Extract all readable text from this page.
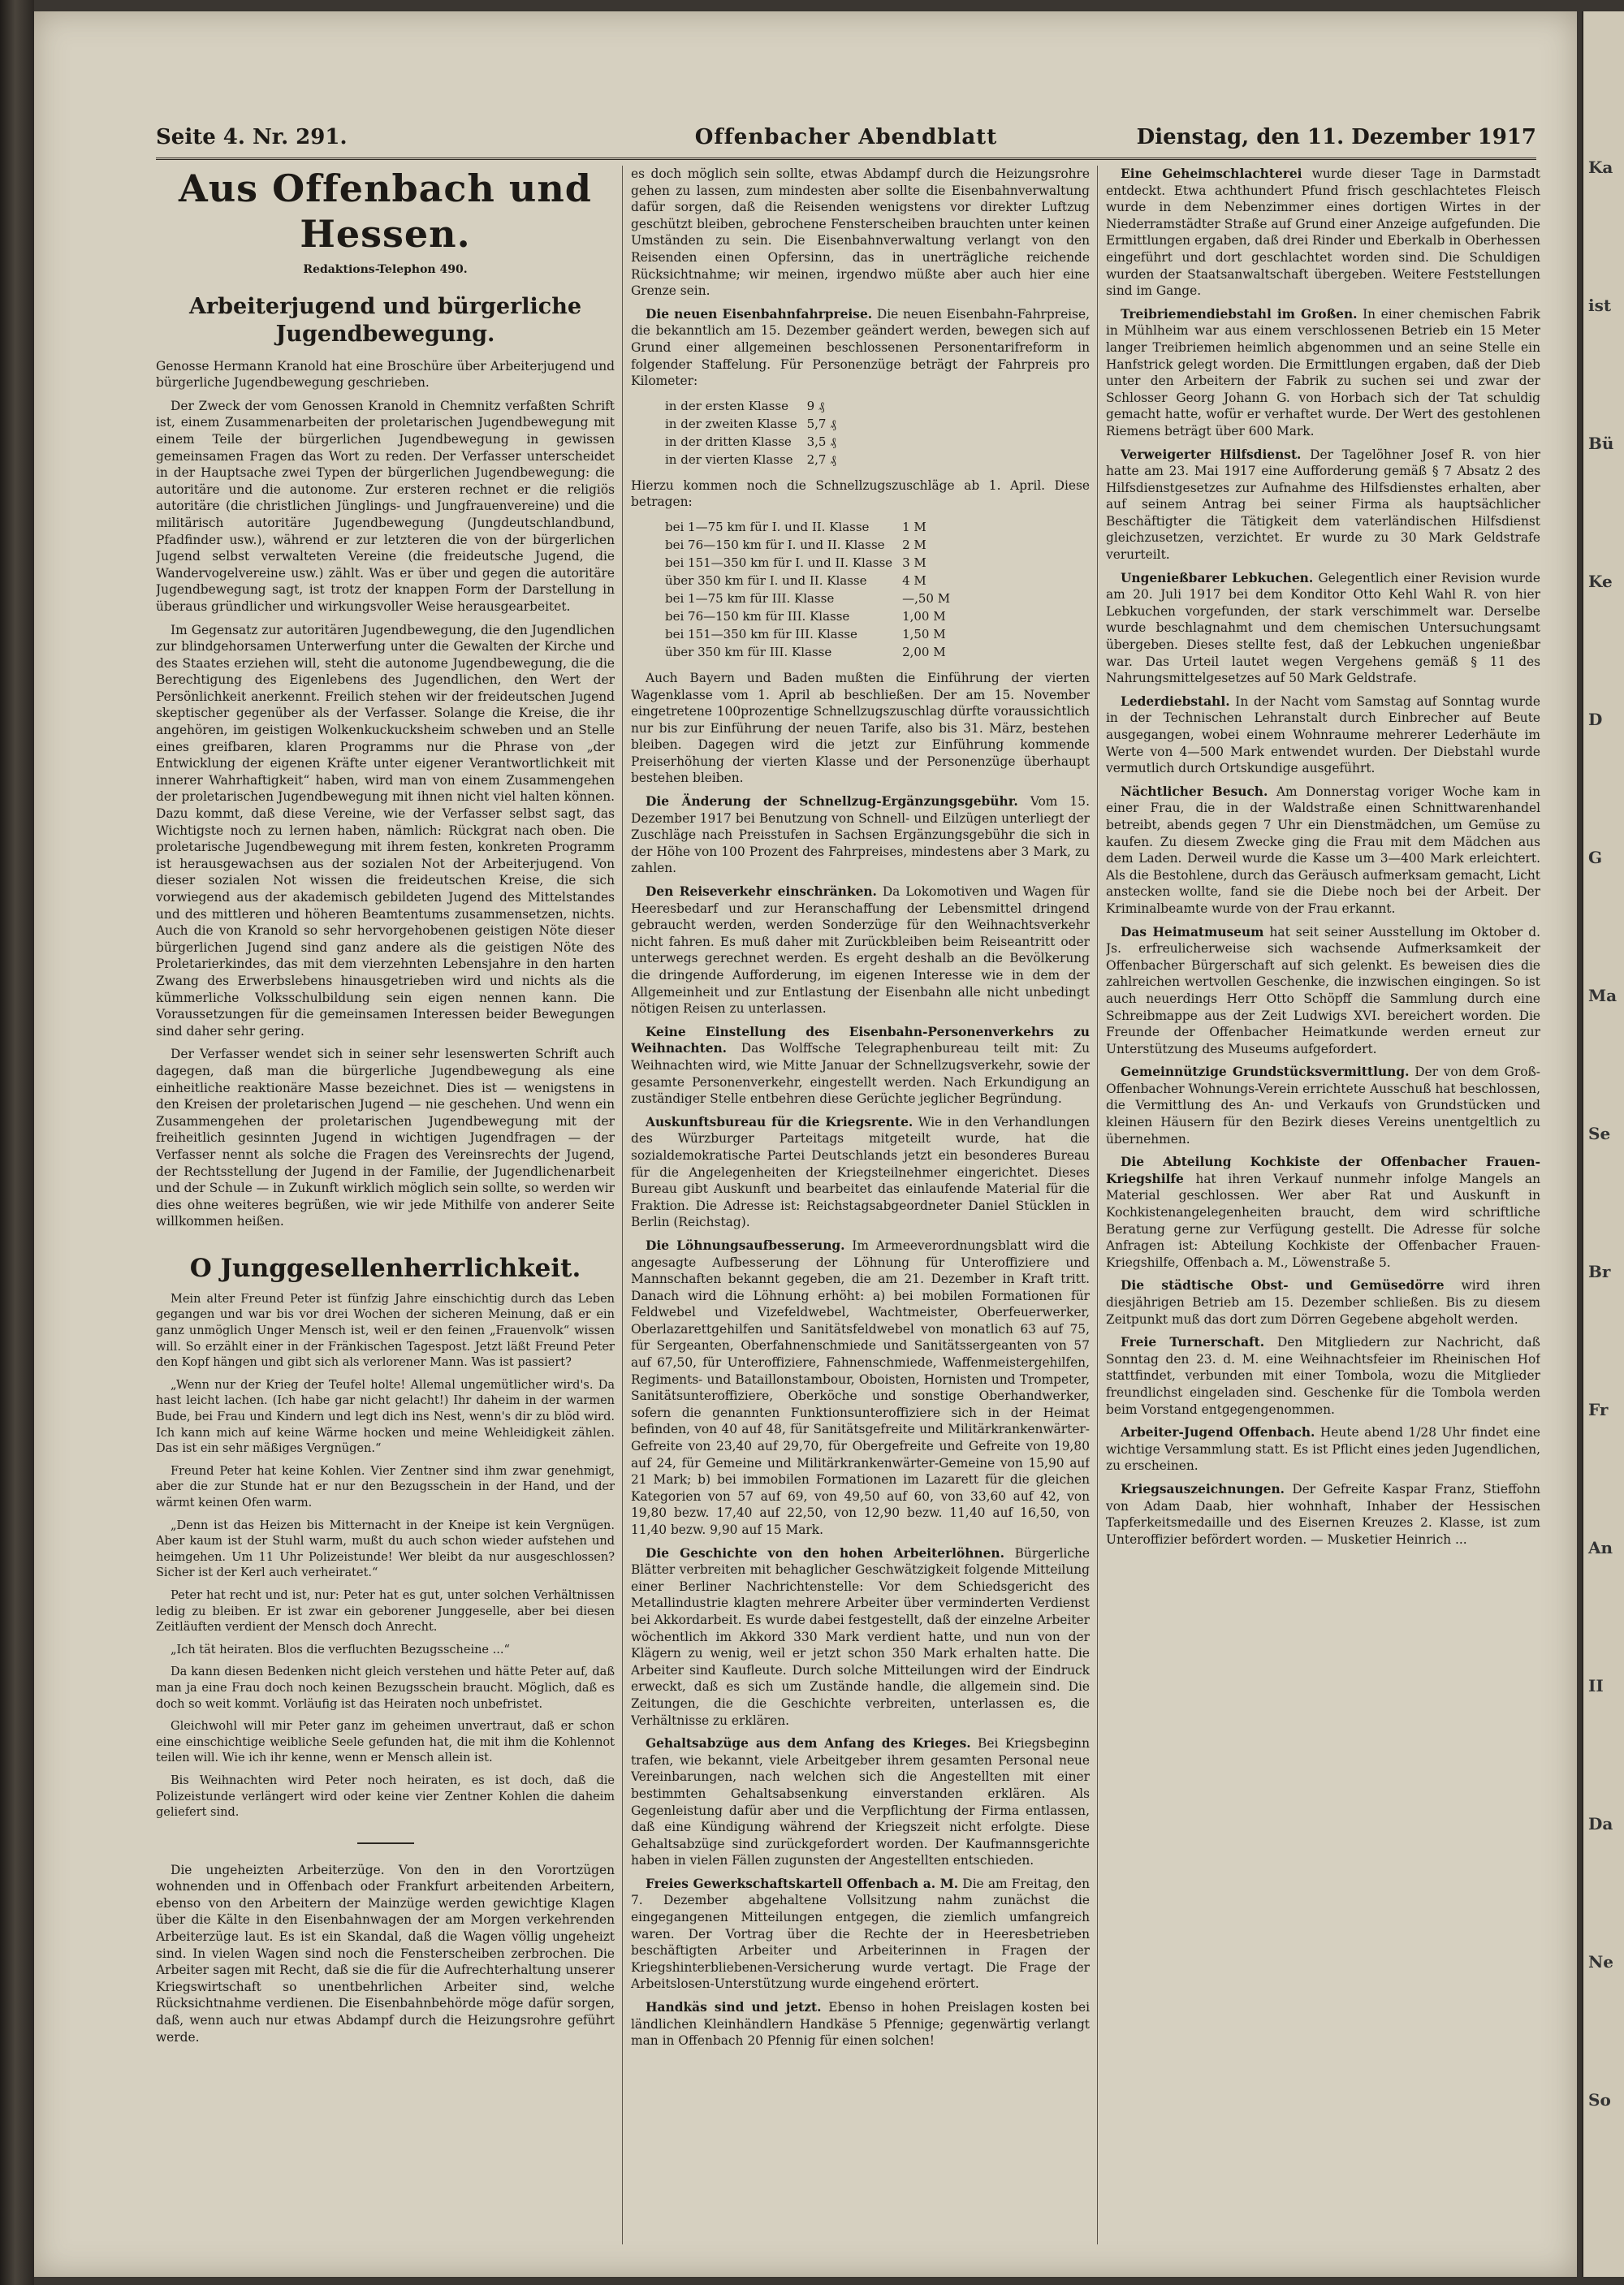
Seite 4. Nr. 291.	Offenbacher Abendblatt	Dienstag, den 11. Dezember 1917
Aus Offenbach und Hessen.
Redaktions-Telephon 490.
Arbeiterjugend und bürgerliche Jugendbewegung.

Genosse Hermann Kranold hat eine Broschüre über Arbeiterjugend und bürgerliche Jugendbewegung geschrieben.

Der Zweck der vom Genossen Kranold in Chemnitz verfaßten Schrift ist, einem Zusammenarbeiten der proletarischen Jugendbewegung mit einem Teile der bürgerlichen Jugendbewegung in gewissen gemeinsamen Fragen das Wort zu reden. Der Verfasser unterscheidet in der Hauptsache zwei Typen der bürgerlichen Jugendbewegung: die autoritäre und die autonome. Zur ersteren rechnet er die religiös autoritäre (die christlichen Jünglings- und Jungfrauenvereine) und die militärisch autoritäre Jugendbewegung (Jungdeutschlandbund, Pfadfinder usw.), während er zur letzteren die von der bürgerlichen Jugend selbst verwalteten Vereine (die freideutsche Jugend, die Wandervogelvereine usw.) zählt. Was er über und gegen die autoritäre Jugendbewegung sagt, ist trotz der knappen Form der Darstellung in überaus gründlicher und wirkungsvoller Weise herausgearbeitet.

Im Gegensatz zur autoritären Jugendbewegung, die den Jugendlichen zur blindgehorsamen Unterwerfung unter die Gewalten der Kirche und des Staates erziehen will, steht die autonome Jugendbewegung, die die Berechtigung des Eigenlebens des Jugendlichen, den Wert der Persönlichkeit anerkennt. Freilich stehen wir der freideutschen Jugend skeptischer gegenüber als der Verfasser. Solange die Kreise, die ihr angehören, im geistigen Wolkenkuckucksheim schweben und an Stelle eines greifbaren, klaren Programms nur die Phrase von „der Entwicklung der eigenen Kräfte unter eigener Verantwortlichkeit mit innerer Wahrhaftigkeit“ haben, wird man von einem Zusammengehen der proletarischen Jugendbewegung mit ihnen nicht viel halten können. Dazu kommt, daß diese Vereine, wie der Verfasser selbst sagt, das Wichtigste noch zu lernen haben, nämlich: Rückgrat nach oben. Die proletarische Jugendbewegung mit ihrem festen, konkreten Programm ist herausgewachsen aus der sozialen Not der Arbeiterjugend. Von dieser sozialen Not wissen die freideutschen Kreise, die sich vorwiegend aus der akademisch gebildeten Jugend des Mittelstandes und des mittleren und höheren Beamtentums zusammensetzen, nichts. Auch die von Kranold so sehr hervorgehobenen geistigen Nöte dieser bürgerlichen Jugend sind ganz andere als die geistigen Nöte des Proletarierkindes, das mit dem vierzehnten Lebensjahre in den harten Zwang des Erwerbslebens hinausgetrieben wird und nichts als die kümmerliche Volksschulbildung sein eigen nennen kann. Die Voraussetzungen für die gemeinsamen Interessen beider Bewegungen sind daher sehr gering.

Der Verfasser wendet sich in seiner sehr lesenswerten Schrift auch dagegen, daß man die bürgerliche Jugendbewegung als eine einheitliche reaktionäre Masse bezeichnet. Dies ist — wenigstens in den Kreisen der proletarischen Jugend — nie geschehen. Und wenn ein Zusammengehen der proletarischen Jugendbewegung mit der freiheitlich gesinnten Jugend in wichtigen Jugendfragen — der Verfasser nennt als solche die Fragen des Vereinsrechts der Jugend, der Rechtsstellung der Jugend in der Familie, der Jugendlichenarbeit und der Schule — in Zukunft wirklich möglich sein sollte, so werden wir dies ohne weiteres begrüßen, wie wir jede Mithilfe von anderer Seite willkommen heißen.

O Junggesellenherrlichkeit.

Mein alter Freund Peter ist fünfzig Jahre einschichtig durch das Leben gegangen und war bis vor drei Wochen der sicheren Meinung, daß er ein ganz unmöglich Unger Mensch ist, weil er den feinen „Frauenvolk“ wissen will. So erzählt einer in der Fränkischen Tagespost. Jetzt läßt Freund Peter den Kopf hängen und gibt sich als verlorener Mann. Was ist passiert?

„Wenn nur der Krieg der Teufel holte! Allemal ungemütlicher wird's. Da hast leicht lachen. (Ich habe gar nicht gelacht!) Ihr daheim in der warmen Bude, bei Frau und Kindern und legt dich ins Nest, wenn's dir zu blöd wird. Ich kann mich auf keine Wärme hocken und meine Wehleidigkeit zählen. Das ist ein sehr mäßiges Vergnügen.“

Freund Peter hat keine Kohlen. Vier Zentner sind ihm zwar genehmigt, aber die zur Stunde hat er nur den Bezugsschein in der Hand, und der wärmt keinen Ofen warm.

„Denn ist das Heizen bis Mitternacht in der Kneipe ist kein Vergnügen. Aber kaum ist der Stuhl warm, mußt du auch schon wieder aufstehen und heimgehen. Um 11 Uhr Polizeistunde! Wer bleibt da nur ausgeschlossen? Sicher ist der Kerl auch verheiratet.“

Peter hat recht und ist, nur: Peter hat es gut, unter solchen Verhältnissen ledig zu bleiben. Er ist zwar ein geborener Junggeselle, aber bei diesen Zeitläuften verdient der Mensch doch Anrecht.

„Ich tät heiraten. Blos die verfluchten Bezugsscheine ...“

Da kann diesen Bedenken nicht gleich verstehen und hätte Peter auf, daß man ja eine Frau doch noch keinen Bezugsschein braucht. Möglich, daß es doch so weit kommt. Vorläufig ist das Heiraten noch unbefristet.

Gleichwohl will mir Peter ganz im geheimen unvertraut, daß er schon eine einschichtige weibliche Seele gefunden hat, die mit ihm die Kohlennot teilen will. Wie ich ihr kenne, wenn er Mensch allein ist.

Bis Weihnachten wird Peter noch heiraten, es ist doch, daß die Polizeistunde verlängert wird oder keine vier Zentner Kohlen die daheim geliefert sind.

Die ungeheizten Arbeiterzüge. Von den in den Vorortzügen wohnenden und in Offenbach oder Frankfurt arbeitenden Arbeitern, ebenso von den Arbeitern der Mainzüge werden gewichtige Klagen über die Kälte in den Eisenbahnwagen der am Morgen verkehrenden Arbeiterzüge laut. Es ist ein Skandal, daß die Wagen völlig ungeheizt sind. In vielen Wagen sind noch die Fensterscheiben zerbrochen. Die Arbeiter sagen mit Recht, daß sie die für die Aufrechterhaltung unserer Kriegswirtschaft so unentbehrlichen Arbeiter sind, welche Rücksichtnahme verdienen. Die Eisenbahnbehörde möge dafür sorgen, daß, wenn auch nur etwas Abdampf durch die Heizungsrohre geführt werde.

es doch möglich sein sollte, etwas Abdampf durch die Heizungsrohre gehen zu lassen, zum mindesten aber sollte die Eisenbahnverwaltung dafür sorgen, daß die Reisenden wenigstens vor direkter Luftzug geschützt bleiben, gebrochene Fensterscheiben brauchten unter keinen Umständen zu sein. Die Eisenbahnverwaltung verlangt von den Reisenden einen Opfersinn, das in unerträgliche reichende Rücksichtnahme; wir meinen, irgendwo müßte aber auch hier eine Grenze sein.

Die neuen Eisenbahnfahrpreise. Die neuen Eisenbahn-Fahrpreise, die bekanntlich am 15. Dezember geändert werden, bewegen sich auf Grund einer allgemeinen beschlossenen Personentarifreform in folgender Staffelung. Für Personenzüge beträgt der Fahrpreis pro Kilometer:

in der ersten Klasse	9 ₰
in der zweiten Klasse	5,7 ₰
in der dritten Klasse	3,5 ₰
in der vierten Klasse	2,7 ₰

Hierzu kommen noch die Schnellzugszuschläge ab 1. April. Diese betragen:

bei 1—75 km für I. und II. Klasse	1 M
bei 76—150 km für I. und II. Klasse	2 M
bei 151—350 km für I. und II. Klasse	3 M
über 350 km für I. und II. Klasse	4 M
bei 1—75 km für III. Klasse	—,50 M
bei 76—150 km für III. Klasse	1,00 M
bei 151—350 km für III. Klasse	1,50 M
über 350 km für III. Klasse	2,00 M

Auch Bayern und Baden mußten die Einführung der vierten Wagenklasse vom 1. April ab beschließen. Der am 15. November eingetretene 100prozentige Schnellzugszuschlag dürfte voraussichtlich nur bis zur Einführung der neuen Tarife, also bis 31. März, bestehen bleiben. Dagegen wird die jetzt zur Einführung kommende Preiserhöhung der vierten Klasse und der Personenzüge überhaupt bestehen bleiben.

Die Änderung der Schnellzug-Ergänzungsgebühr. Vom 15. Dezember 1917 bei Benutzung von Schnell- und Eilzügen unterliegt der Zuschläge nach Preisstufen in Sachsen Ergänzungsgebühr die sich in der Höhe von 100 Prozent des Fahrpreises, mindestens aber 3 Mark, zu zahlen.

Den Reiseverkehr einschränken. Da Lokomotiven und Wagen für Heeresbedarf und zur Heranschaffung der Lebensmittel dringend gebraucht werden, werden Sonderzüge für den Weihnachtsverkehr nicht fahren. Es muß daher mit Zurückbleiben beim Reiseantritt oder unterwegs gerechnet werden. Es ergeht deshalb an die Bevölkerung die dringende Aufforderung, im eigenen Interesse wie in dem der Allgemeinheit und zur Entlastung der Eisenbahn alle nicht unbedingt nötigen Reisen zu unterlassen.

Keine Einstellung des Eisenbahn-Personenverkehrs zu Weihnachten. Das Wolffsche Telegraphenbureau teilt mit: Zu Weihnachten wird, wie Mitte Januar der Schnellzugsverkehr, sowie der gesamte Personenverkehr, eingestellt werden. Nach Erkundigung an zuständiger Stelle entbehren diese Gerüchte jeglicher Begründung.

Auskunftsbureau für die Kriegsrente. Wie in den Verhandlungen des Würzburger Parteitags mitgeteilt wurde, hat die sozialdemokratische Partei Deutschlands jetzt ein besonderes Bureau für die Angelegenheiten der Kriegsteilnehmer eingerichtet. Dieses Bureau gibt Auskunft und bearbeitet das einlaufende Material für die Fraktion. Die Adresse ist: Reichstagsabgeordneter Daniel Stücklen in Berlin (Reichstag).

Die Löhnungsaufbesserung. Im Armeeverordnungsblatt wird die angesagte Aufbesserung der Löhnung für Unteroffiziere und Mannschaften bekannt gegeben, die am 21. Dezember in Kraft tritt. Danach wird die Löhnung erhöht: a) bei mobilen Formationen für Feldwebel und Vizefeldwebel, Wachtmeister, Oberfeuerwerker, Oberlazarettgehilfen und Sanitätsfeldwebel von monatlich 63 auf 75, für Sergeanten, Oberfahnenschmiede und Sanitätssergeanten von 57 auf 67,50, für Unteroffiziere, Fahnenschmiede, Waffenmeistergehilfen, Regiments- und Bataillonstambour, Oboisten, Hornisten und Trompeter, Sanitätsunteroffiziere, Oberköche und sonstige Oberhandwerker, sofern die genannten Funktionsunteroffiziere sich in der Heimat befinden, von 40 auf 48, für Sanitätsgefreite und Militärkrankenwärter-Gefreite von 23,40 auf 29,70, für Obergefreite und Gefreite von 19,80 auf 24, für Gemeine und Militärkrankenwärter-Gemeine von 15,90 auf 21 Mark; b) bei immobilen Formationen im Lazarett für die gleichen Kategorien von 57 auf 69, von 49,50 auf 60, von 33,60 auf 42, von 19,80 bezw. 17,40 auf 22,50, von 12,90 bezw. 11,40 auf 16,50, von 11,40 bezw. 9,90 auf 15 Mark.

Die Geschichte von den hohen Arbeiterlöhnen. Bürgerliche Blätter verbreiten mit behaglicher Geschwätzigkeit folgende Mitteilung einer Berliner Nachrichtenstelle: Vor dem Schiedsgericht des Metallindustrie klagten mehrere Arbeiter über verminderten Verdienst bei Akkordarbeit. Es wurde dabei festgestellt, daß der einzelne Arbeiter wöchentlich im Akkord 330 Mark verdient hatte, und nun von der Klägern zu wenig, weil er jetzt schon 350 Mark erhalten hatte. Die Arbeiter sind Kaufleute. Durch solche Mitteilungen wird der Eindruck erweckt, daß es sich um Zustände handle, die allgemein sind. Die Zeitungen, die die Geschichte verbreiten, unterlassen es, die Verhältnisse zu erklären.

Gehaltsabzüge aus dem Anfang des Krieges. Bei Kriegsbeginn trafen, wie bekannt, viele Arbeitgeber ihrem gesamten Personal neue Vereinbarungen, nach welchen sich die Angestellten mit einer bestimmten Gehaltsabsenkung einverstanden erklären. Als Gegenleistung dafür aber und die Verpflichtung der Firma entlassen, daß eine Kündigung während der Kriegszeit nicht erfolgte. Diese Gehaltsabzüge sind zurückgefordert worden. Der Kaufmannsgerichte haben in vielen Fällen zugunsten der Angestellten entschieden.

Freies Gewerkschaftskartell Offenbach a. M. Die am Freitag, den 7. Dezember abgehaltene Vollsitzung nahm zunächst die eingegangenen Mitteilungen entgegen, die ziemlich umfangreich waren. Der Vortrag über die Rechte der in Heeresbetrieben beschäftigten Arbeiter und Arbeiterinnen in Fragen der Kriegshinterbliebenen-Versicherung wurde vertagt. Die Frage der Arbeitslosen-Unterstützung wurde eingehend erörtert.

Handkäs sind und jetzt. Ebenso in hohen Preislagen kosten bei ländlichen Kleinhändlern Handkäse 5 Pfennige; gegenwärtig verlangt man in Offenbach 20 Pfennig für einen solchen!

Eine Geheimschlachterei wurde dieser Tage in Darmstadt entdeckt. Etwa achthundert Pfund frisch geschlachtetes Fleisch wurde in dem Nebenzimmer eines dortigen Wirtes in der Niederramstädter Straße auf Grund einer Anzeige aufgefunden. Die Ermittlungen ergaben, daß drei Rinder und Eberkalb in Oberhessen eingeführt und dort geschlachtet worden sind. Die Schuldigen wurden der Staatsanwaltschaft übergeben. Weitere Feststellungen sind im Gange.

Treibriemendiebstahl im Großen. In einer chemischen Fabrik in Mühlheim war aus einem verschlossenen Betrieb ein 15 Meter langer Treibriemen heimlich abgenommen und an seine Stelle ein Hanfstrick gelegt worden. Die Ermittlungen ergaben, daß der Dieb unter den Arbeitern der Fabrik zu suchen sei und zwar der Schlosser Georg Johann G. von Horbach sich der Tat schuldig gemacht hatte, wofür er verhaftet wurde. Der Wert des gestohlenen Riemens beträgt über 600 Mark.

Verweigerter Hilfsdienst. Der Tagelöhner Josef R. von hier hatte am 23. Mai 1917 eine Aufforderung gemäß § 7 Absatz 2 des Hilfsdienstgesetzes zur Aufnahme des Hilfsdienstes erhalten, aber auf seinem Antrag bei seiner Firma als hauptsächlicher Beschäftigter die Tätigkeit dem vaterländischen Hilfsdienst gleichzusetzen, verzichtet. Er wurde zu 30 Mark Geldstrafe verurteilt.

Ungenießbarer Lebkuchen. Gelegentlich einer Revision wurde am 20. Juli 1917 bei dem Konditor Otto Kehl Wahl R. von hier Lebkuchen vorgefunden, der stark verschimmelt war. Derselbe wurde beschlagnahmt und dem chemischen Untersuchungsamt übergeben. Dieses stellte fest, daß der Lebkuchen ungenießbar war. Das Urteil lautet wegen Vergehens gemäß § 11 des Nahrungsmittelgesetzes auf 50 Mark Geldstrafe.

Lederdiebstahl. In der Nacht vom Samstag auf Sonntag wurde in der Technischen Lehranstalt durch Einbrecher auf Beute ausgegangen, wobei einem Wohnraume mehrerer Lederhäute im Werte von 4—500 Mark entwendet wurden. Der Diebstahl wurde vermutlich durch Ortskundige ausgeführt.

Nächtlicher Besuch. Am Donnerstag voriger Woche kam in einer Frau, die in der Waldstraße einen Schnittwarenhandel betreibt, abends gegen 7 Uhr ein Dienstmädchen, um Gemüse zu kaufen. Zu diesem Zwecke ging die Frau mit dem Mädchen aus dem Laden. Derweil wurde die Kasse um 3—400 Mark erleichtert. Als die Bestohlene, durch das Geräusch aufmerksam gemacht, Licht anstecken wollte, fand sie die Diebe noch bei der Arbeit. Der Kriminalbeamte wurde von der Frau erkannt.

Das Heimatmuseum hat seit seiner Ausstellung im Oktober d. Js. erfreulicherweise sich wachsende Aufmerksamkeit der Offenbacher Bürgerschaft auf sich gelenkt. Es beweisen dies die zahlreichen wertvollen Geschenke, die inzwischen eingingen. So ist auch neuerdings Herr Otto Schöpff die Sammlung durch eine Schreibmappe aus der Zeit Ludwigs XVI. bereichert worden. Die Freunde der Offenbacher Heimatkunde werden erneut zur Unterstützung des Museums aufgefordert.

Gemeinnützige Grundstücksvermittlung. Der von dem Groß-Offenbacher Wohnungs-Verein errichtete Ausschuß hat beschlossen, die Vermittlung des An- und Verkaufs von Grundstücken und kleinen Häusern für den Bezirk dieses Vereins unentgeltlich zu übernehmen.

Die Abteilung Kochkiste der Offenbacher Frauen-Kriegshilfe hat ihren Verkauf nunmehr infolge Mangels an Material geschlossen. Wer aber Rat und Auskunft in Kochkistenangelegenheiten braucht, dem wird schriftliche Beratung gerne zur Verfügung gestellt. Die Adresse für solche Anfragen ist: Abteilung Kochkiste der Offenbacher Frauen-Kriegshilfe, Offenbach a. M., Löwenstraße 5.

Die städtische Obst- und Gemüsedörre wird ihren diesjährigen Betrieb am 15. Dezember schließen. Bis zu diesem Zeitpunkt muß das dort zum Dörren Gegebene abgeholt werden.

Freie Turnerschaft. Den Mitgliedern zur Nachricht, daß Sonntag den 23. d. M. eine Weihnachtsfeier im Rheinischen Hof stattfindet, verbunden mit einer Tombola, wozu die Mitglieder freundlichst eingeladen sind. Geschenke für die Tombola werden beim Vorstand entgegengenommen.

Arbeiter-Jugend Offenbach. Heute abend 1/28 Uhr findet eine wichtige Versammlung statt. Es ist Pflicht eines jeden Jugendlichen, zu erscheinen.

Kriegsauszeichnungen. Der Gefreite Kaspar Franz, Stieffohn von Adam Daab, hier wohnhaft, Inhaber der Hessischen Tapferkeitsmedaille und des Eisernen Kreuzes 2. Klasse, ist zum Unteroffizier befördert worden. — Musketier Heinrich ...

Ka
ist
Bü
Ke
D
G
Ma
Se
Br
Fr
An
II
Da
Ne
So
